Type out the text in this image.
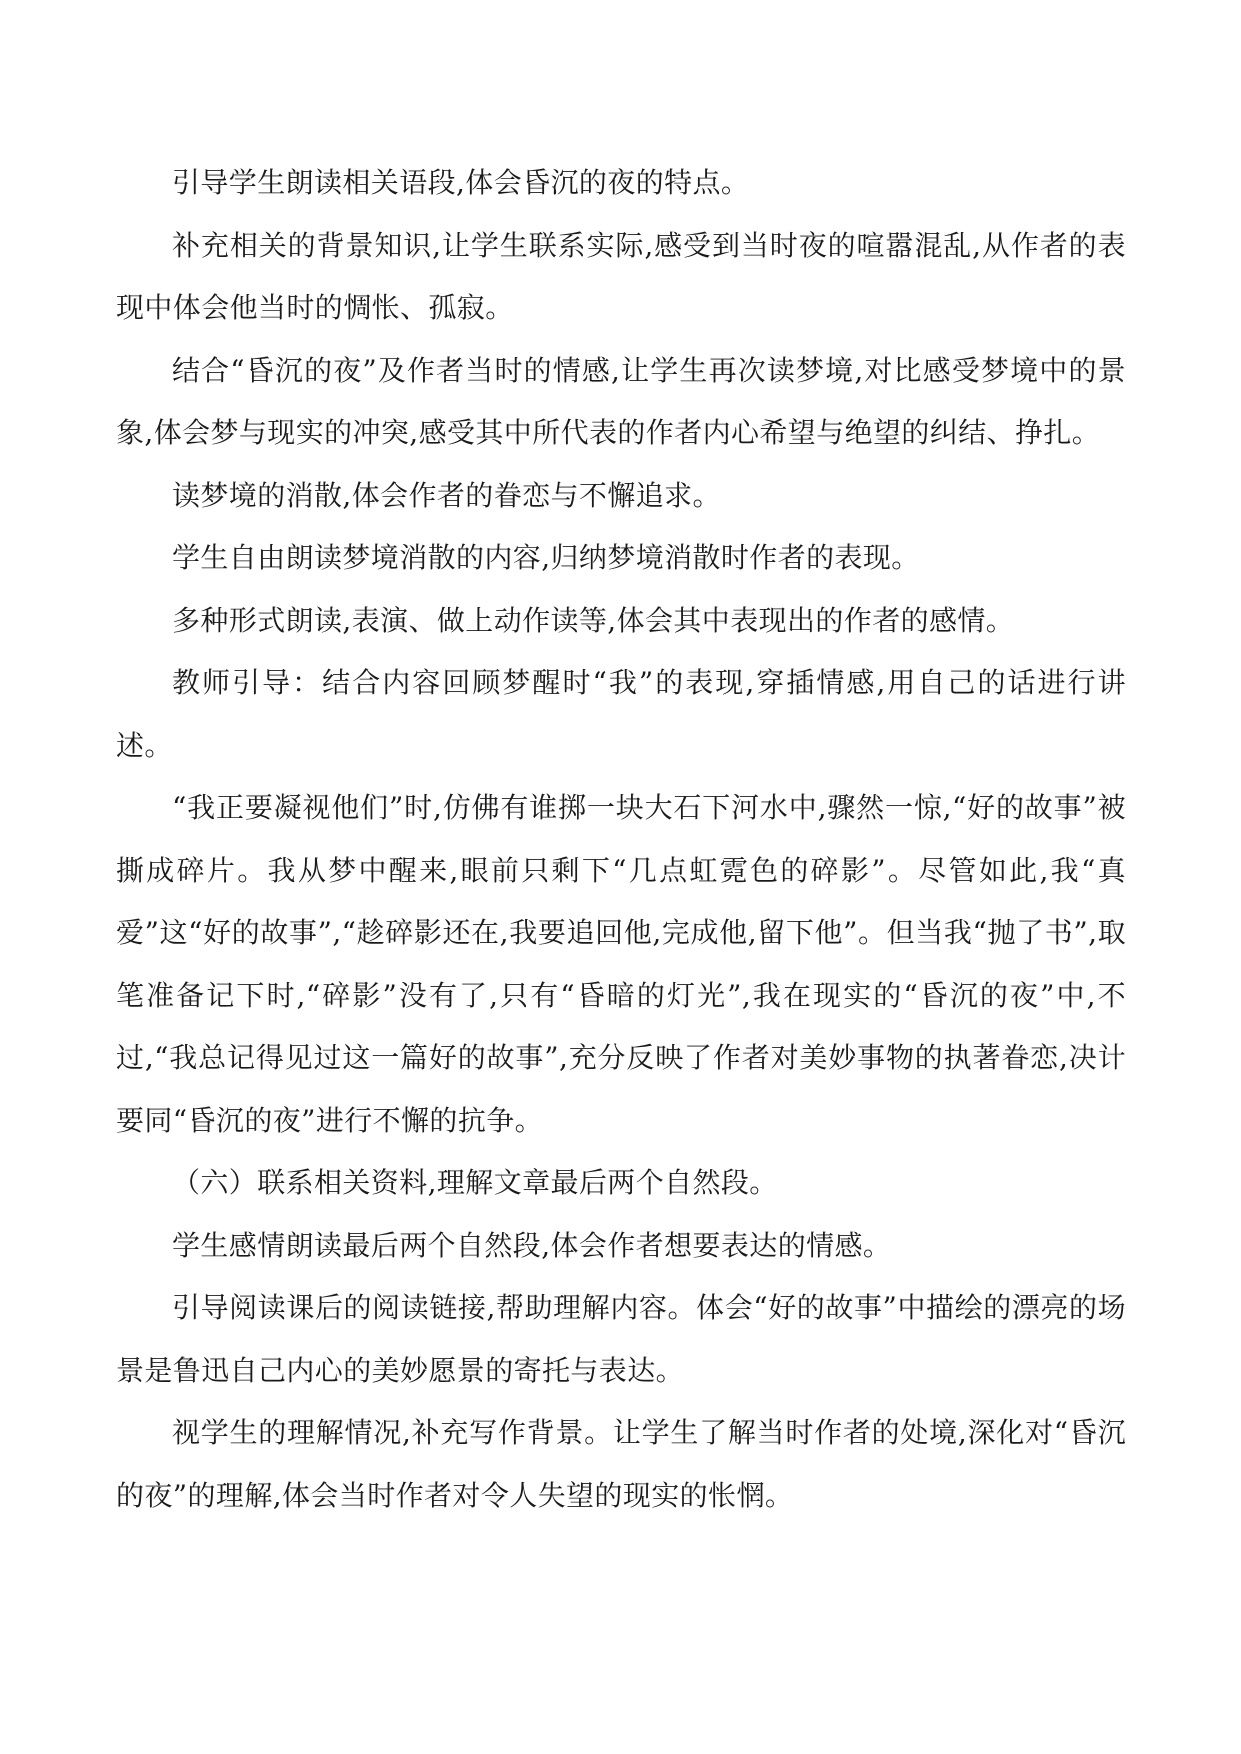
引导学生朗读相关语段,体会昏沉的夜的特点。

补充相关的背景知识,让学生联系实际,感受到当时夜的喧嚣混乱,从作者的表现中体会他当时的惆怅、孤寂。

结合“昏沉的夜”及作者当时的情感,让学生再次读梦境,对比感受梦境中的景象,体会梦与现实的冲突,感受其中所代表的作者内心希望与绝望的纠结、挣扎。

读梦境的消散,体会作者的眷恋与不懈追求。

学生自由朗读梦境消散的内容,归纳梦境消散时作者的表现。

多种形式朗读,表演、做上动作读等,体会其中表现出的作者的感情。

教师引导：结合内容回顾梦醒时“我”的表现,穿插情感,用自己的话进行讲述。

“我正要凝视他们”时,仿佛有谁掷一块大石下河水中,骤然一惊,“好的故事”被撕成碎片。我从梦中醒来,眼前只剩下“几点虹霓色的碎影”。尽管如此,我“真爱”这“好的故事”,“趁碎影还在,我要追回他,完成他,留下他”。但当我“抛了书”,取笔准备记下时,“碎影”没有了,只有“昏暗的灯光”,我在现实的“昏沉的夜”中,不过,“我总记得见过这一篇好的故事”,充分反映了作者对美妙事物的执著眷恋,决计要同“昏沉的夜”进行不懈的抗争。

（六）联系相关资料,理解文章最后两个自然段。

学生感情朗读最后两个自然段,体会作者想要表达的情感。

引导阅读课后的阅读链接,帮助理解内容。体会“好的故事”中描绘的漂亮的场景是鲁迅自己内心的美妙愿景的寄托与表达。

视学生的理解情况,补充写作背景。让学生了解当时作者的处境,深化对“昏沉的夜”的理解,体会当时作者对令人失望的现实的怅惘。
